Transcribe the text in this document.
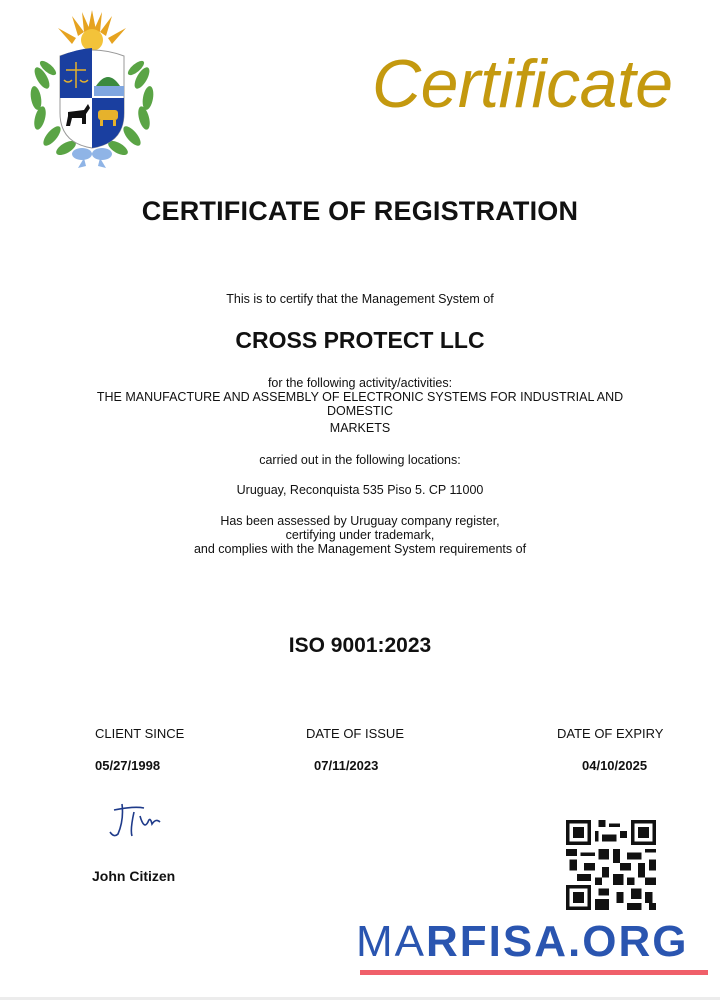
Certificate
CERTIFICATE OF REGISTRATION
This is to certify that the Management System of
CROSS PROTECT LLC
for the following activity/activities:
THE MANUFACTURE AND ASSEMBLY OF ELECTRONIC SYSTEMS FOR INDUSTRIAL AND
DOMESTIC
MARKETS
carried out in the following locations:
Uruguay, Reconquista 535 Piso 5. CP 11000
Has been assessed by Uruguay company register,
certifying under trademark,
and complies with the Management System requirements of
ISO 9001:2023
CLIENT SINCE
05/27/1998
DATE OF ISSUE
07/11/2023
DATE OF EXPIRY
04/10/2025
John Citizen
MARFISA.ORG
